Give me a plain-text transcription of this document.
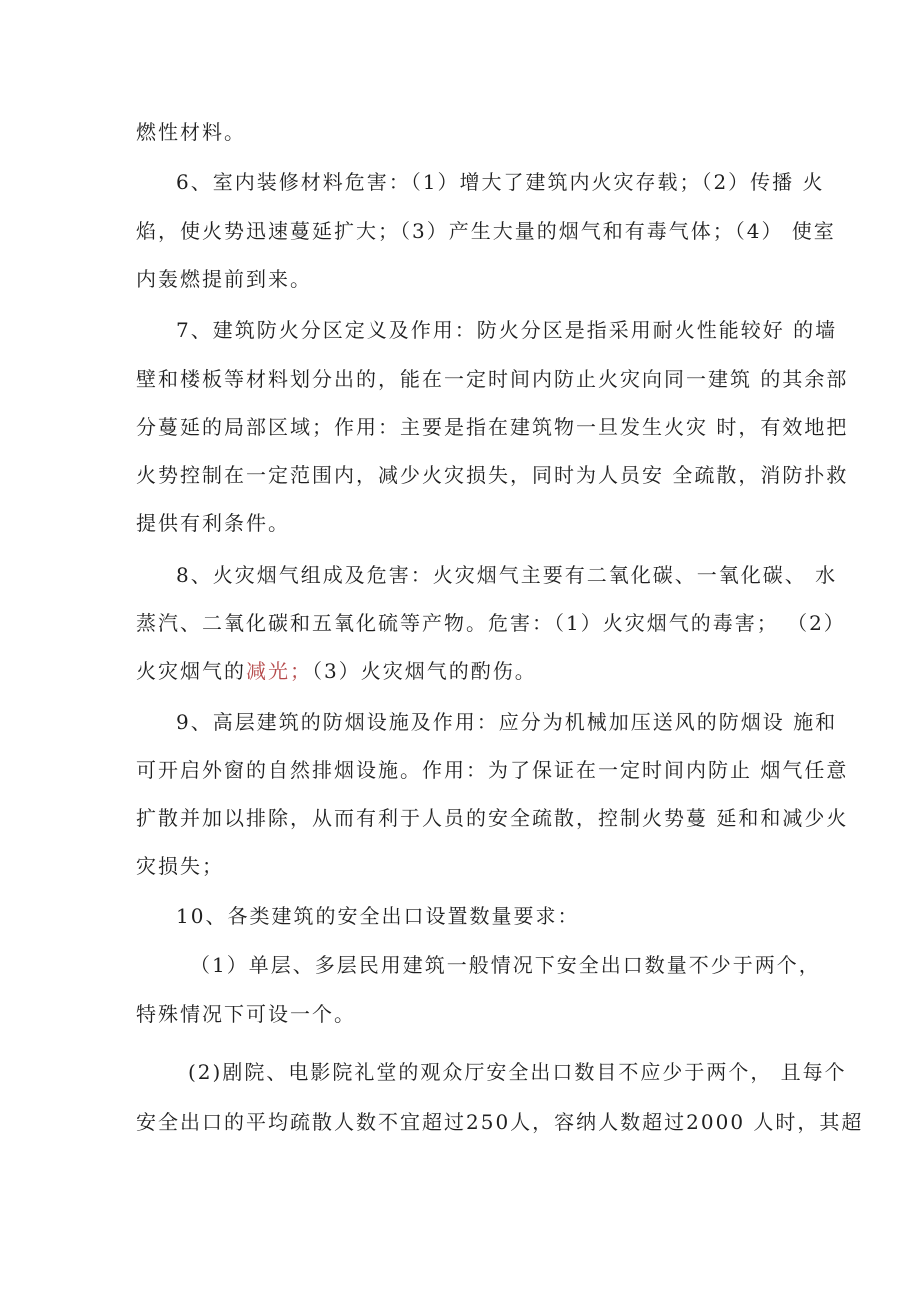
燃性材料。
6、室内装修材料危害：（1）增大了建筑内火灾存载；（2）传播 火
焰，使火势迅速蔓延扩大；（3）产生大量的烟气和有毒气体；（4） 使室
内轰燃提前到来。
7、建筑防火分区定义及作用：防火分区是指采用耐火性能较好 的墙
壁和楼板等材料划分出的，能在一定时间内防止火灾向同一建筑 的其余部
分蔓延的局部区域；作用：主要是指在建筑物一旦发生火灾 时，有效地把
火势控制在一定范围内，减少火灾损失，同时为人员安 全疏散，消防扑救
提供有利条件。
8、火灾烟气组成及危害：火灾烟气主要有二氧化碳、一氧化碳、 水
蒸汽、二氧化碳和五氧化硫等产物。危害：（1）火灾烟气的毒害； （2）
火灾烟气的减光；（3）火灾烟气的酌伤。
9、高层建筑的防烟设施及作用：应分为机械加压送风的防烟设 施和
可开启外窗的自然排烟设施。作用：为了保证在一定时间内防止 烟气任意
扩散并加以排除，从而有利于人员的安全疏散，控制火势蔓 延和和减少火
灾损失；
10、各类建筑的安全出口设置数量要求：
（1）单层、多层民用建筑一般情况下安全出口数量不少于两个，
特殊情况下可设一个。
(2)剧院、电影院礼堂的观众厅安全出口数目不应少于两个， 且每个
安全出口的平均疏散人数不宜超过250人，容纳人数超过2000 人时，其超
